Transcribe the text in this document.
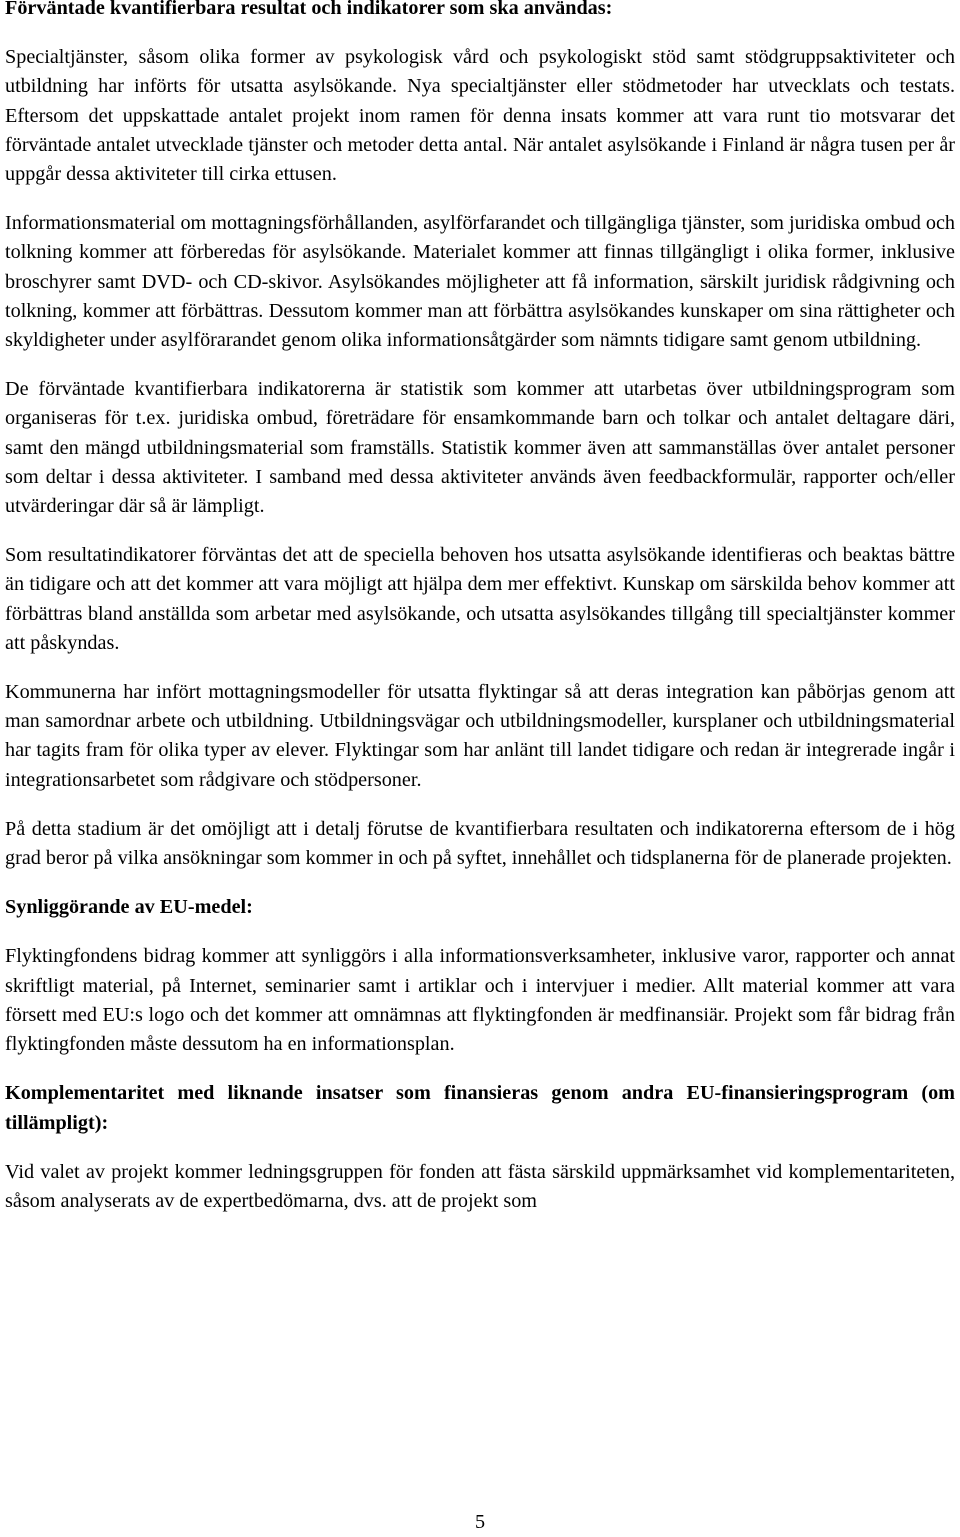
Förväntade kvantifierbara resultat och indikatorer som ska användas:

Specialtjänster, såsom olika former av psykologisk vård och psykologiskt stöd samt stödgruppsaktiviteter och utbildning har införts för utsatta asylsökande. Nya specialtjänster eller stödmetoder har utvecklats och testats. Eftersom det uppskattade antalet projekt inom ramen för denna insats kommer att vara runt tio motsvarar det förväntade antalet utvecklade tjänster och metoder detta antal. När antalet asylsökande i Finland är några tusen per år uppgår dessa aktiviteter till cirka ettusen.

Informationsmaterial om mottagningsförhållanden, asylförfarandet och tillgängliga tjänster, som juridiska ombud och tolkning kommer att förberedas för asylsökande. Materialet kommer att finnas tillgängligt i olika former, inklusive broschyrer samt DVD- och CD-skivor. Asylsökandes möjligheter att få information, särskilt juridisk rådgivning och tolkning, kommer att förbättras. Dessutom kommer man att förbättra asylsökandes kunskaper om sina rättigheter och skyldigheter under asylförarandet genom olika informationsåtgärder som nämnts tidigare samt genom utbildning.

De förväntade kvantifierbara indikatorerna är statistik som kommer att utarbetas över utbildningsprogram som organiseras för t.ex. juridiska ombud, företrädare för ensamkommande barn och tolkar och antalet deltagare däri, samt den mängd utbildningsmaterial som framställs. Statistik kommer även att sammanställas över antalet personer som deltar i dessa aktiviteter. I samband med dessa aktiviteter används även feedbackformulär, rapporter och/eller utvärderingar där så är lämpligt.

Som resultatindikatorer förväntas det att de speciella behoven hos utsatta asylsökande identifieras och beaktas bättre än tidigare och att det kommer att vara möjligt att hjälpa dem mer effektivt. Kunskap om särskilda behov kommer att förbättras bland anställda som arbetar med asylsökande, och utsatta asylsökandes tillgång till specialtjänster kommer att påskyndas.

Kommunerna har infört mottagningsmodeller för utsatta flyktingar så att deras integration kan påbörjas genom att man samordnar arbete och utbildning. Utbildningsvägar och utbildningsmodeller, kursplaner och utbildningsmaterial har tagits fram för olika typer av elever. Flyktingar som har anlänt till landet tidigare och redan är integrerade ingår i integrationsarbetet som rådgivare och stödpersoner.

På detta stadium är det omöjligt att i detalj förutse de kvantifierbara resultaten och indikatorerna eftersom de i hög grad beror på vilka ansökningar som kommer in och på syftet, innehållet och tidsplanerna för de planerade projekten.

Synliggörande av EU-medel:

Flyktingfondens bidrag kommer att synliggörs i alla informationsverksamheter, inklusive varor, rapporter och annat skriftligt material, på Internet, seminarier samt i artiklar och i intervjuer i medier. Allt material kommer att vara försett med EU:s logo och det kommer att omnämnas att flyktingfonden är medfinansiär. Projekt som får bidrag från flyktingfonden måste dessutom ha en informationsplan.

Komplementaritet med liknande insatser som finansieras genom andra EU-finansieringsprogram (om tillämpligt):

Vid valet av projekt kommer ledningsgruppen för fonden att fästa särskild uppmärksamhet vid komplementariteten, såsom analyserats av de expertbedömarna, dvs. att de projekt som

5
